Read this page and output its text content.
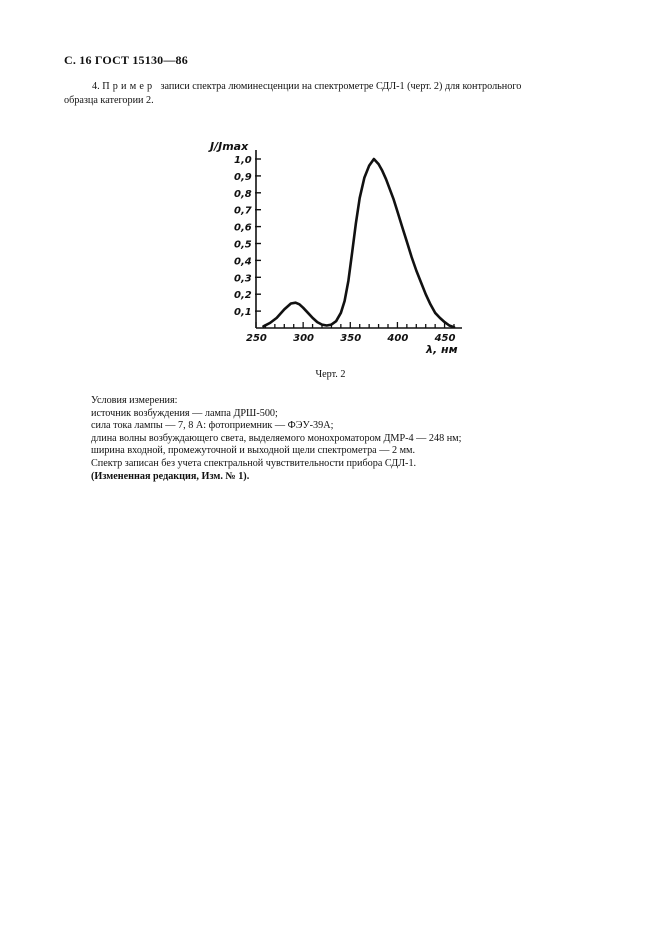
С. 16 ГОСТ 15130—86
4. Пример записи спектра люминесценции на спектрометре СДЛ-1 (черт. 2) для контрольного
образца категории 2.
J/Jmax
λ, нм
0,1
0,2
0,3
0,4
0,5
0,6
0,7
0,8
0,9
1,0
250	300	350	400	450
Черт. 2
Условия измерения:
источник возбуждения — лампа ДРШ-500;
сила тока лампы — 7, 8 А: фотоприемник — ФЭУ-39А;
длина волны возбуждающего света, выделяемого монохроматором ДМР-4 — 248 нм;
ширина входной, промежуточной и выходной щели спектрометра — 2 мм.
Спектр записан без учета спектральной чувствительности прибора СДЛ-1.
(Измененная редакция, Изм. № 1).
